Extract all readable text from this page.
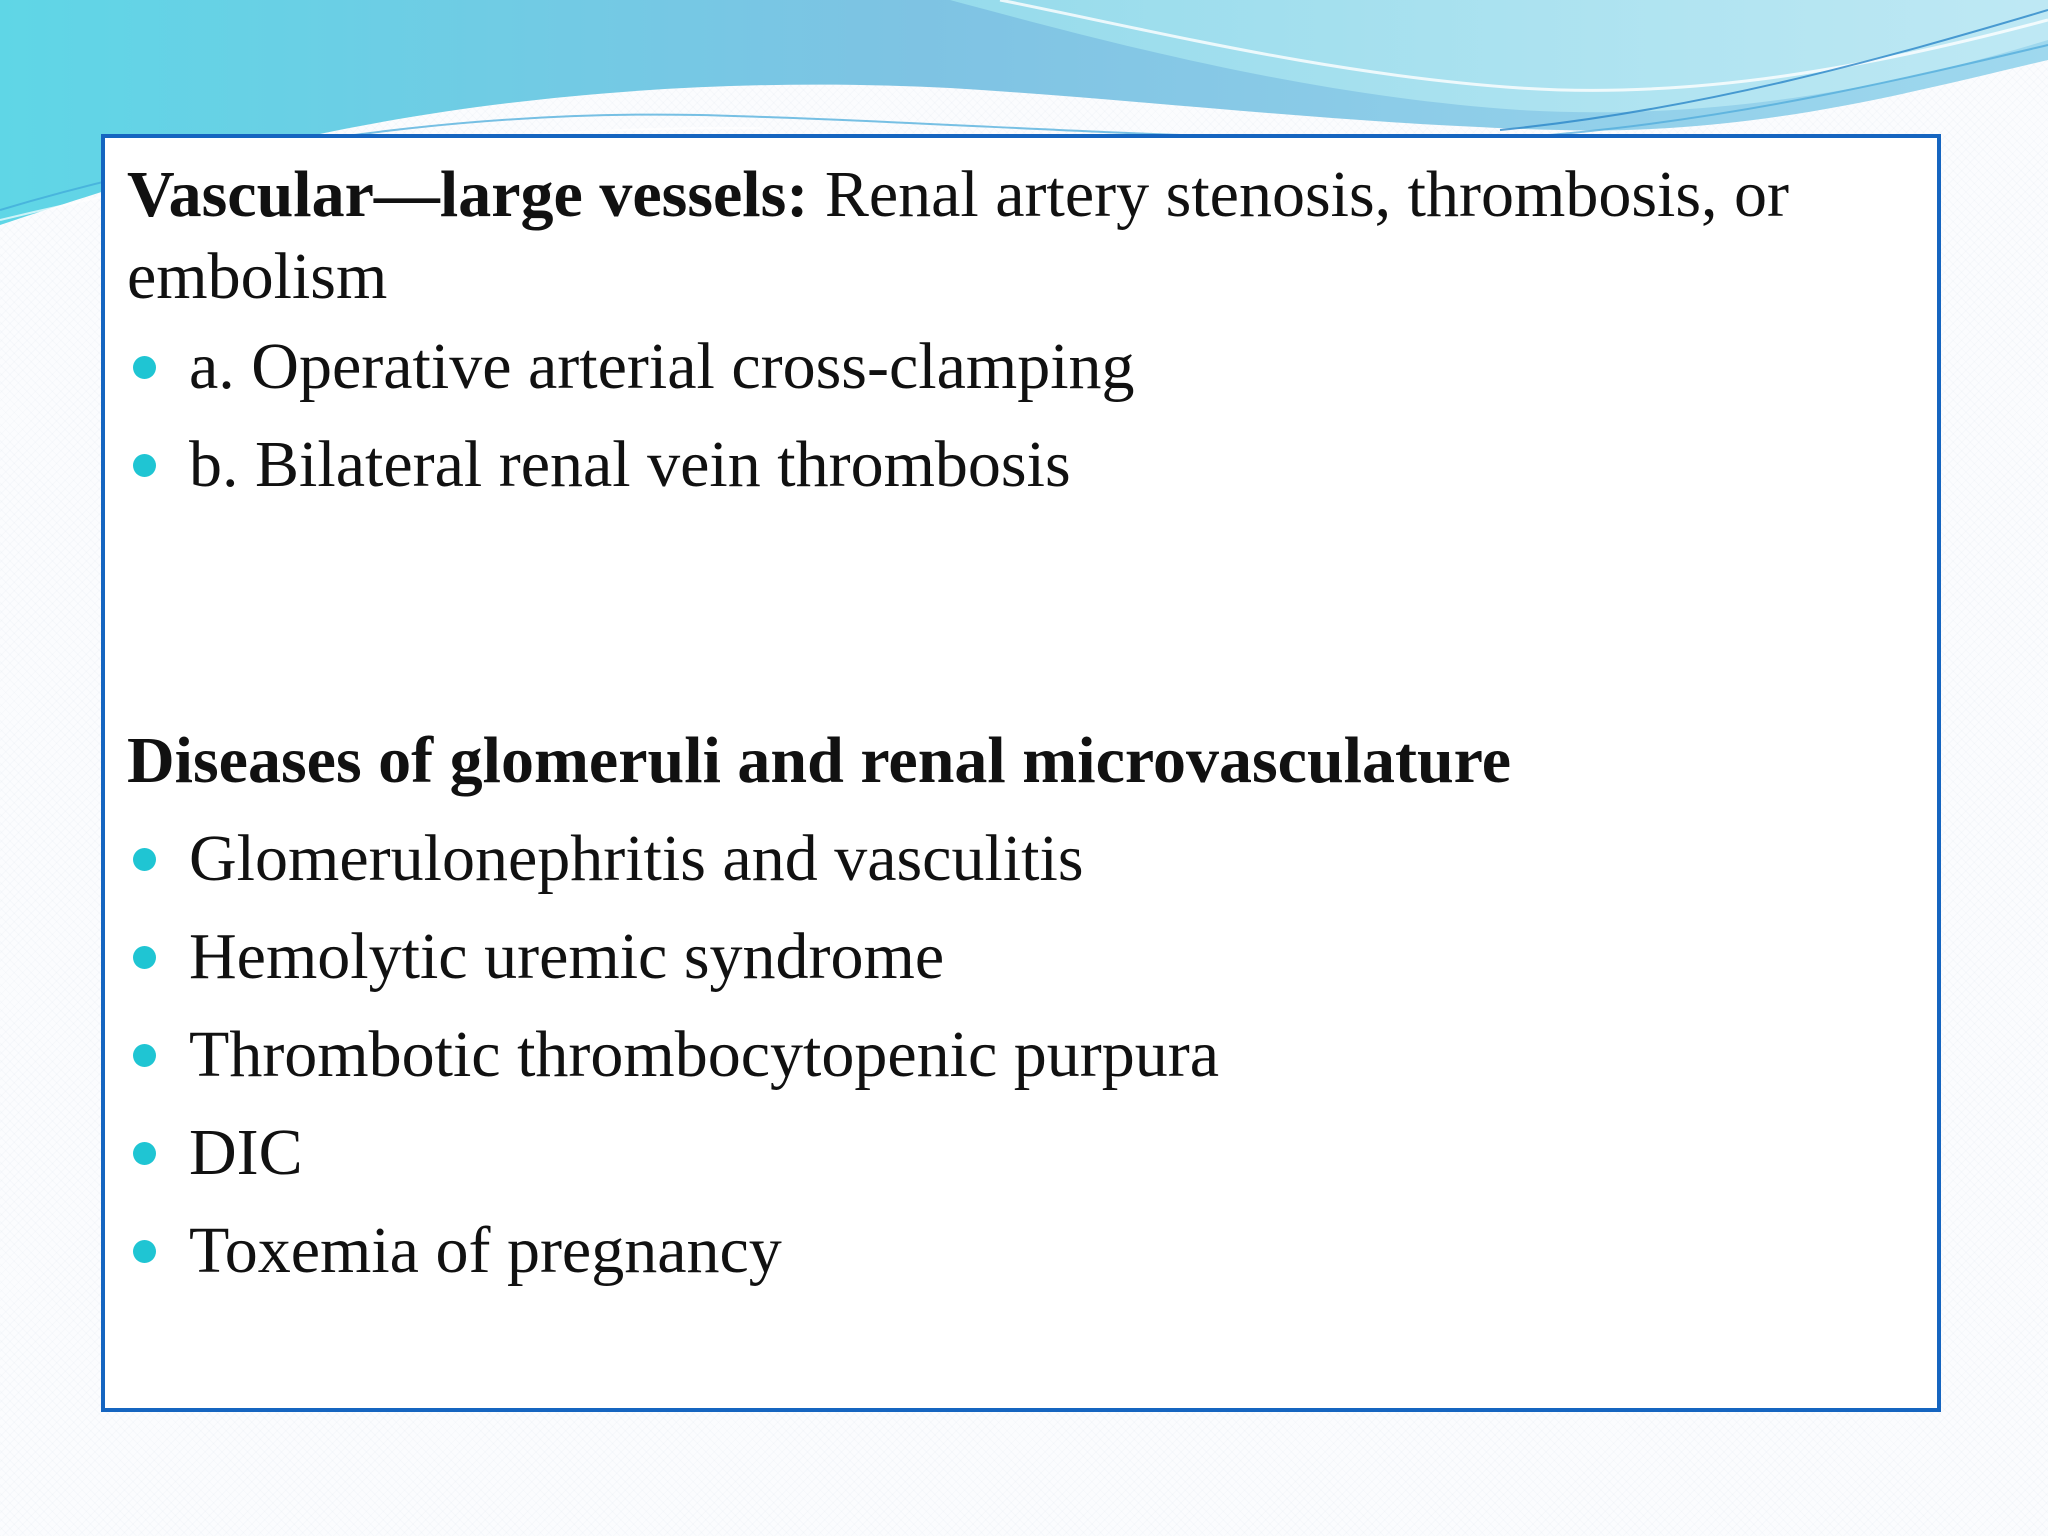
Vascular—large vessels: Renal artery stenosis, thrombosis, or embolism

a. Operative arterial cross-clamping
b. Bilateral renal vein thrombosis

Diseases of glomeruli and renal microvasculature

Glomerulonephritis and vasculitis
Hemolytic uremic syndrome
Thrombotic thrombocytopenic purpura
DIC
Toxemia of pregnancy
